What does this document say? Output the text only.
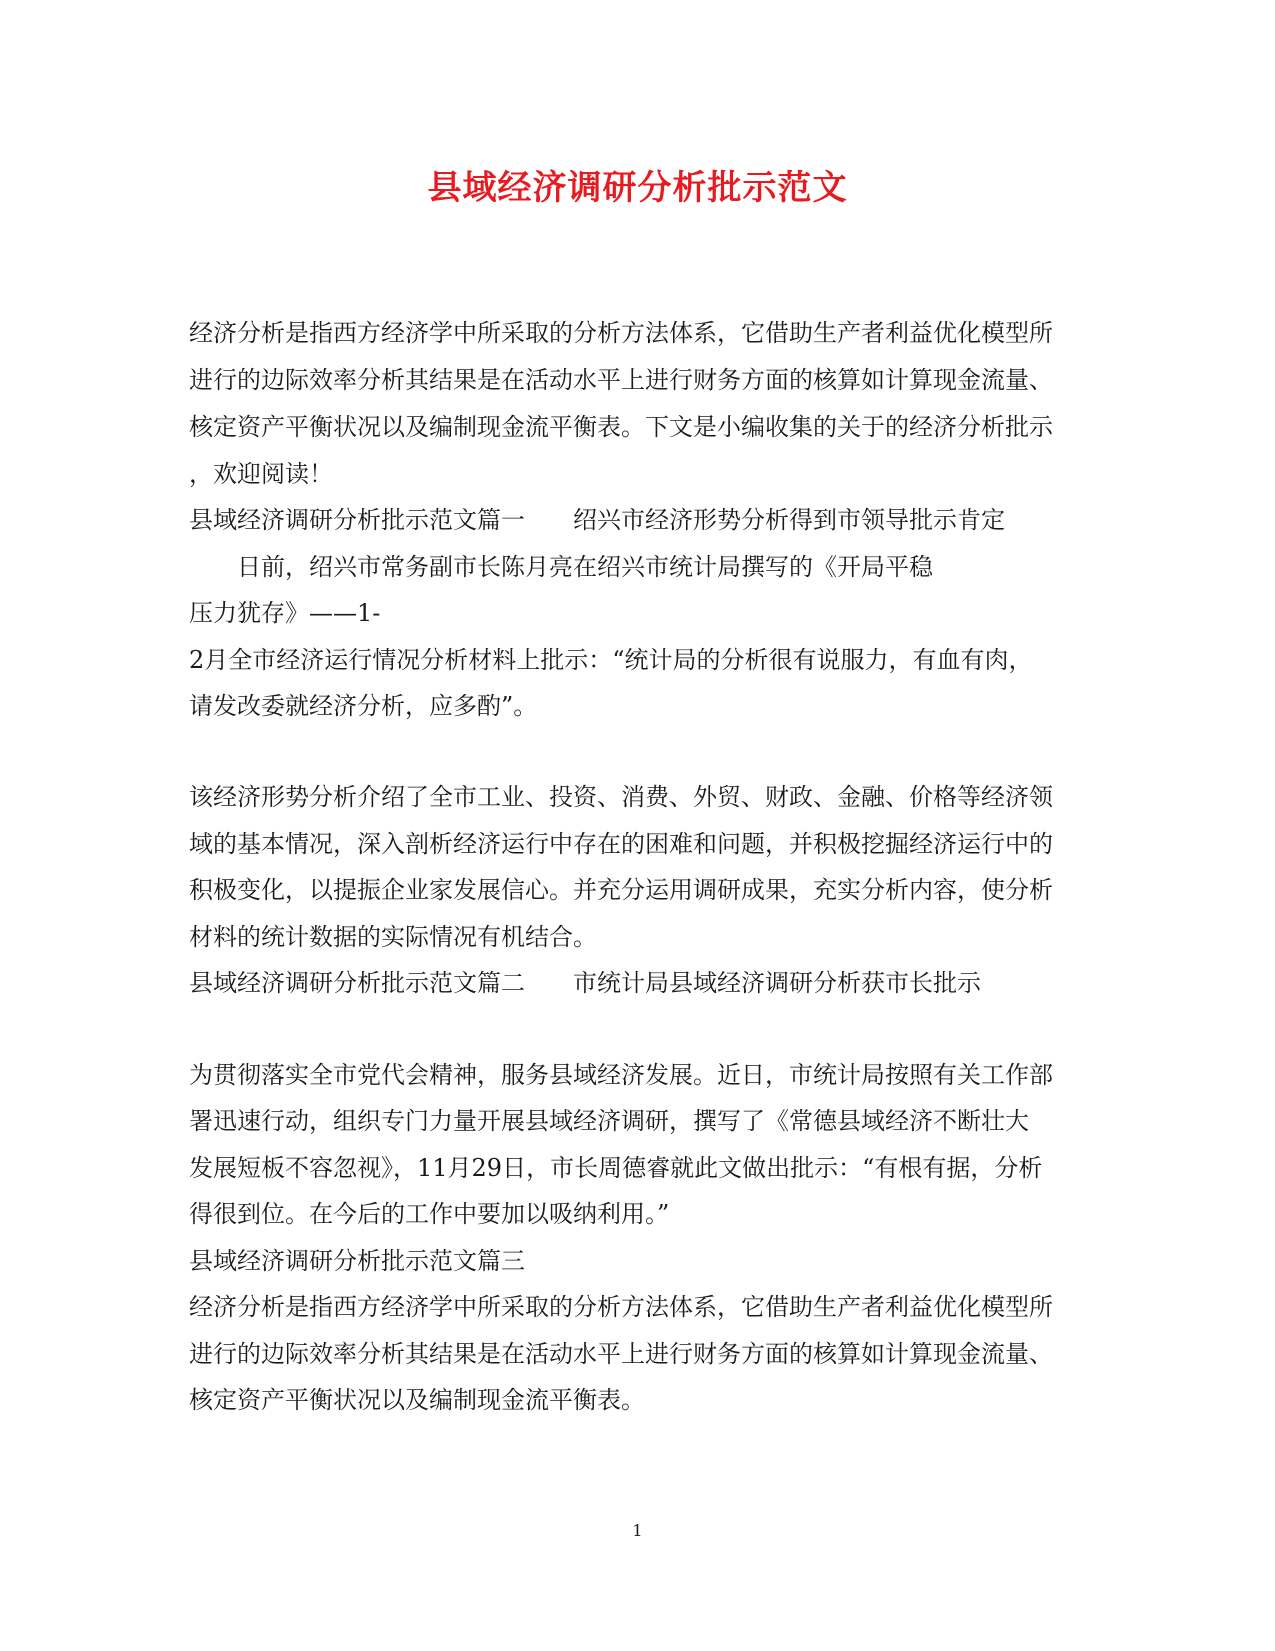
县域经济调研分析批示范文
经济分析是指西方经济学中所采取的分析方法体系，它借助生产者利益优化模型所
进行的边际效率分析其结果是在活动水平上进行财务方面的核算如计算现金流量、
核定资产平衡状况以及编制现金流平衡表。下文是小编收集的关于的经济分析批示
，欢迎阅读！
县域经济调研分析批示范文篇一 绍兴市经济形势分析得到市领导批示肯定
日前，绍兴市常务副市长陈月亮在绍兴市统计局撰写的《开局平稳
压力犹存》——1-
2月全市经济运行情况分析材料上批示：“统计局的分析很有说服力，有血有肉，
请发改委就经济分析，应多酌”。
该经济形势分析介绍了全市工业、投资、消费、外贸、财政、金融、价格等经济领
域的基本情况，深入剖析经济运行中存在的困难和问题，并积极挖掘经济运行中的
积极变化，以提振企业家发展信心。并充分运用调研成果，充实分析内容，使分析
材料的统计数据的实际情况有机结合。
县域经济调研分析批示范文篇二 市统计局县域经济调研分析获市长批示
为贯彻落实全市党代会精神，服务县域经济发展。近日，市统计局按照有关工作部
署迅速行动，组织专门力量开展县域经济调研，撰写了《常德县域经济不断壮大
发展短板不容忽视》，11月29日，市长周德睿就此文做出批示：“有根有据，分析
得很到位。在今后的工作中要加以吸纳利用。”
县域经济调研分析批示范文篇三
经济分析是指西方经济学中所采取的分析方法体系，它借助生产者利益优化模型所
进行的边际效率分析其结果是在活动水平上进行财务方面的核算如计算现金流量、
核定资产平衡状况以及编制现金流平衡表。
1
